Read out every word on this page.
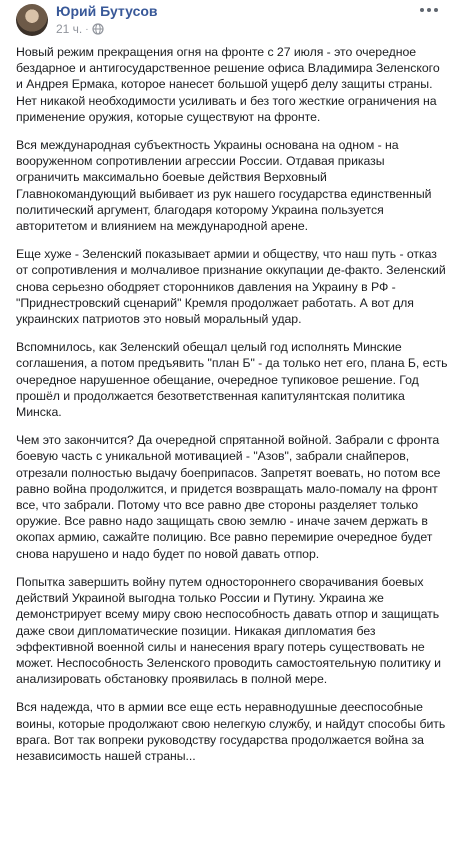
Юрий Бутусов
21 ч. ·

Новый режим прекращения огня на фронте с 27 июля - это очередное бездарное и антигосударственное решение офиса Владимира Зеленского и Андрея Ермака, которое нанесет большой ущерб делу защиты страны. Нет никакой необходимости усиливать и без того жесткие ограничения на применение оружия, которые существуют на фронте.

Вся международная субъектность Украины основана на одном - на вооруженном сопротивлении агрессии России. Отдавая приказы ограничить максимально боевые действия Верховный Главнокомандующий выбивает из рук нашего государства единственный политический аргумент, благодаря которому Украина пользуется авторитетом и влиянием на международной арене.

Еще хуже - Зеленский показывает армии и обществу, что наш путь - отказ от сопротивления и молчаливое признание оккупации де-факто. Зеленский снова серьезно ободряет сторонников давления на Украину в РФ - "Приднестровский сценарий" Кремля продолжает работать. А вот для украинских патриотов это новый моральный удар.

Вспомнилось, как Зеленский обещал целый год исполнять Минские соглашения, а потом предъявить "план Б" - да только нет его, плана Б, есть очередное нарушенное обещание, очередное тупиковое решение. Год прошёл и продолжается безответственная капитулянтская политика Минска.

Чем это закончится? Да очередной спрятанной войной. Забрали с фронта боевую часть с уникальной мотивацией - "Азов", забрали снайперов, отрезали полностью выдачу боеприпасов. Запретят воевать, но потом все равно война продолжится, и придется возвращать мало-помалу на фронт все, что забрали. Потому что все равно две стороны разделяет только оружие. Все равно надо защищать свою землю - иначе зачем держать в окопах армию, сажайте полицию. Все равно перемирие очередное будет снова нарушено и надо будет по новой давать отпор.

Попытка завершить войну путем одностороннего сворачивания боевых действий Украиной выгодна только России и Путину. Украина же демонстрирует всему миру свою неспособность давать отпор и защищать даже свои дипломатические позиции. Никакая дипломатия без эффективной военной силы и нанесения врагу потерь существовать не может. Неспособность Зеленского проводить самостоятельную политику и анализировать обстановку проявилась в полной мере.

Вся надежда, что в армии все еще есть неравнодушные дееспособные воины, которые продолжают свою нелегкую службу, и найдут способы бить врага. Вот так вопреки руководству государства продолжается война за независимость нашей страны...
